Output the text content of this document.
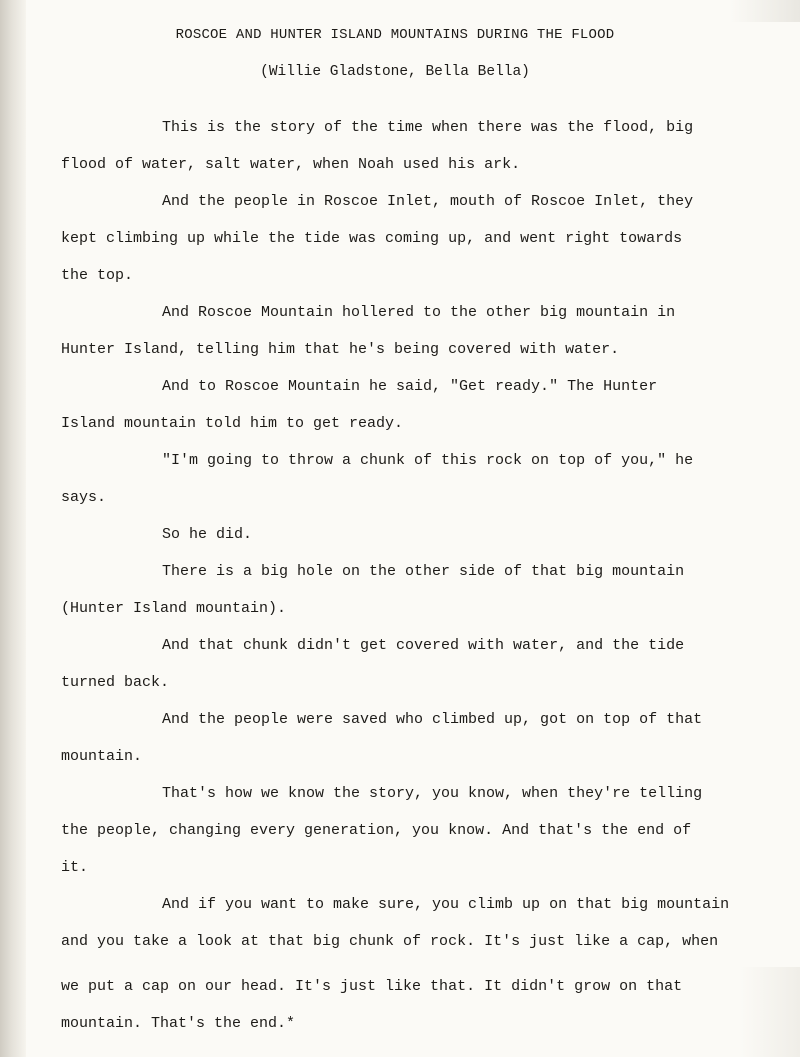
ROSCOE AND HUNTER ISLAND MOUNTAINS DURING THE FLOOD
(Willie Gladstone, Bella Bella)
This is the story of the time when there was the flood, big
flood of water, salt water, when Noah used his ark.
And the people in Roscoe Inlet, mouth of Roscoe Inlet, they
kept climbing up while the tide was coming up, and went right towards
the top.
And Roscoe Mountain hollered to the other big mountain in
Hunter Island, telling him that he's being covered with water.
And to Roscoe Mountain he said, "Get ready." The Hunter
Island mountain told him to get ready.
"I'm going to throw a chunk of this rock on top of you," he
says.
So he did.
There is a big hole on the other side of that big mountain
(Hunter Island mountain).
And that chunk didn't get covered with water, and the tide
turned back.
And the people were saved who climbed up, got on top of that
mountain.
That's how we know the story, you know, when they're telling
the people, changing every generation, you know. And that's the end of
it.
And if you want to make sure, you climb up on that big mountain
and you take a look at that big chunk of rock. It's just like a cap, when
we put a cap on our head. It's just like that. It didn't grow on that
mountain. That's the end.*
